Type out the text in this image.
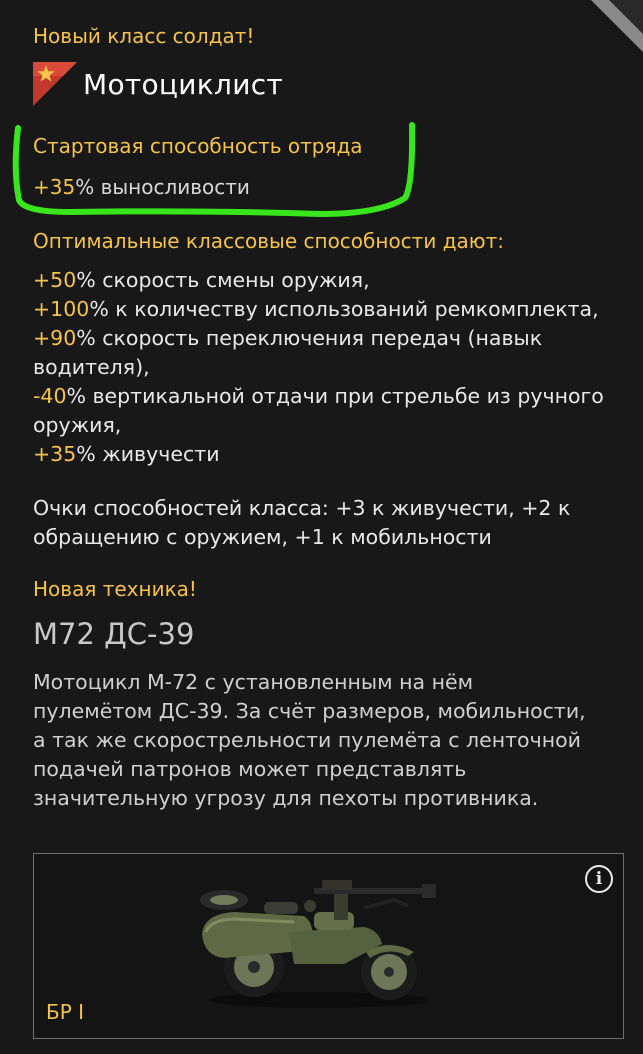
Новый класс солдат!
Мотоциклист
Стартовая способность отряда
+35% выносливости
Оптимальные классовые способности дают:
+50% скорость смены оружия,
+100% к количеству использований ремкомплекта,
+90% скорость переключения передач (навык водителя),
-40% вертикальной отдачи при стрельбе из ручного оружия,
+35% живучести
Очки способностей класса: +3 к живучести, +2 к обращению с оружием, +1 к мобильности
Новая техника!
M72 ДС-39
Мотоцикл М-72 с установленным на нём пулемётом ДС-39. За счёт размеров, мобильности, а так же скорострельности пулемёта с ленточной подачей патронов может представлять значительную угрозу для пехоты противника.
i
БР I
